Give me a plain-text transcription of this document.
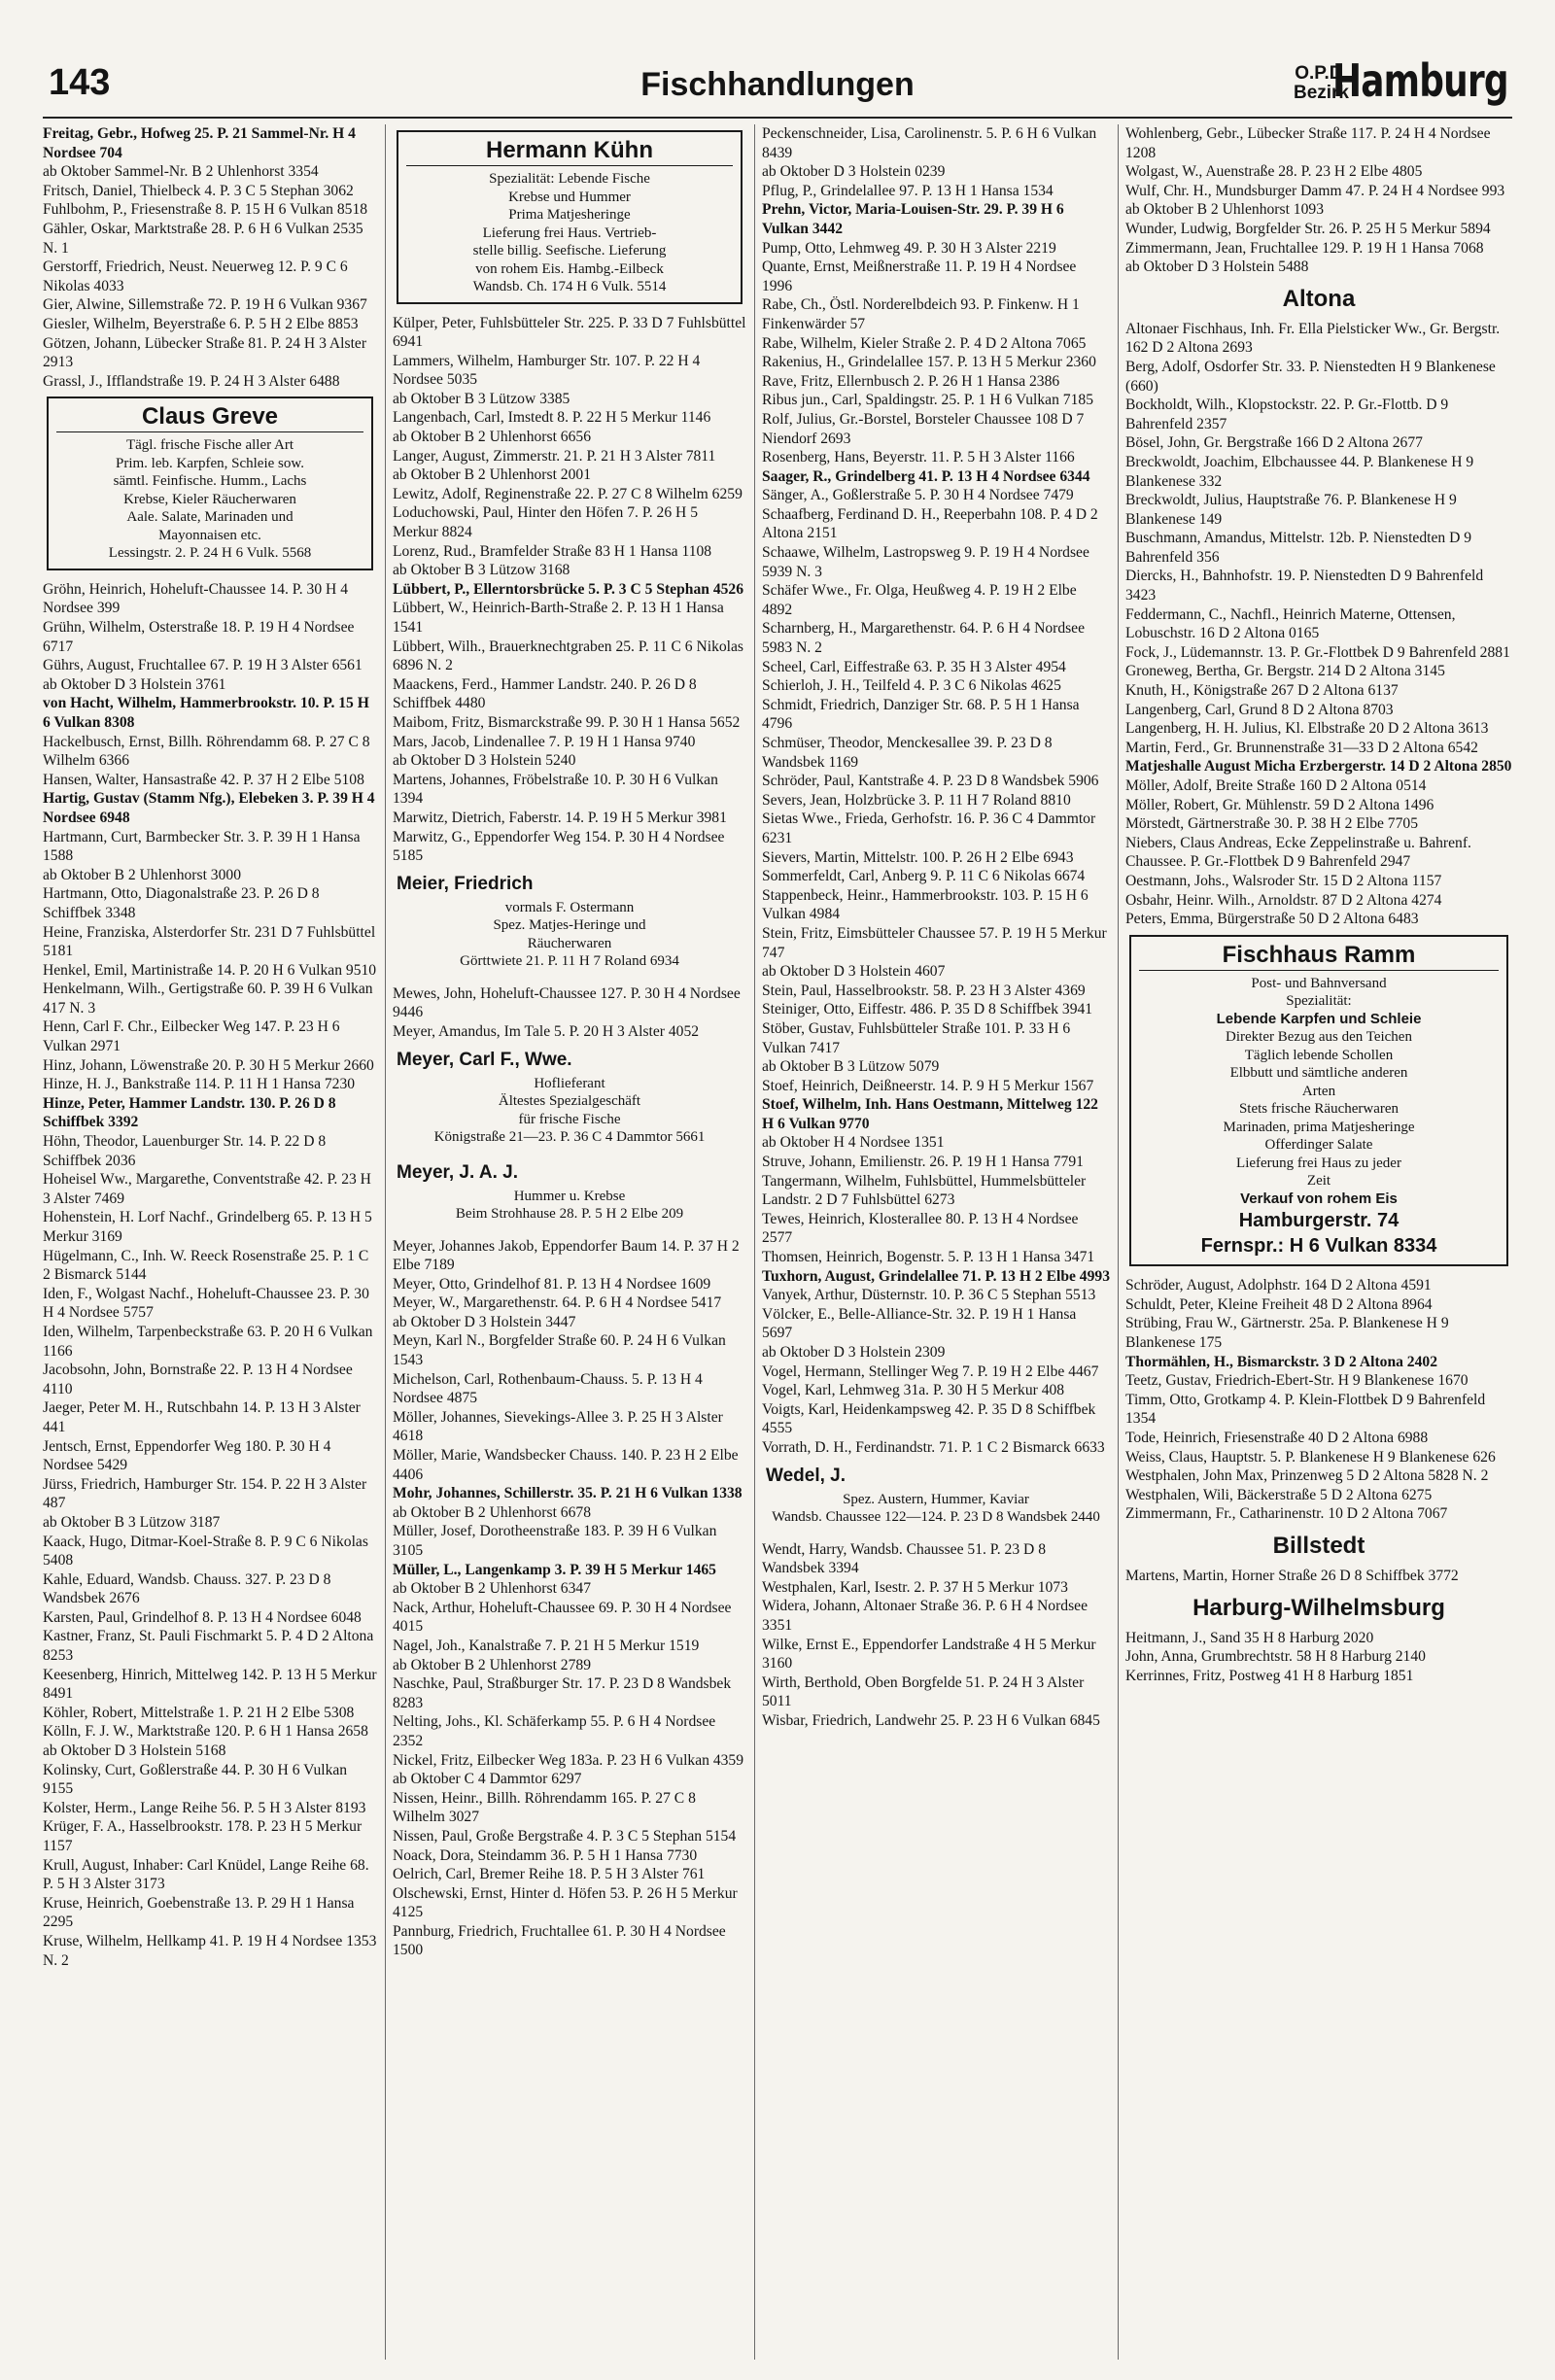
143	Fischhandlungen	O.P.D.
Bezirk
Hamburg

Freitag, Gebr., Hofweg 25. P. 21 Sammel-Nr. H 4 Nordsee 704

ab Oktober Sammel-Nr. B 2 Uhlenhorst 3354

Fritsch, Daniel, Thielbeck 4. P. 3 C 5 Stephan 3062

Fuhlbohm, P., Friesenstraße 8. P. 15 H 6 Vulkan 8518

Gähler, Oskar, Marktstraße 28. P. 6 H 6 Vulkan 2535 N. 1

Gerstorff, Friedrich, Neust. Neuerweg 12. P. 9 C 6 Nikolas 4033

Gier, Alwine, Sillemstraße 72. P. 19 H 6 Vulkan 9367

Giesler, Wilhelm, Beyerstraße 6. P. 5 H 2 Elbe 8853

Götzen, Johann, Lübecker Straße 81. P. 24 H 3 Alster 2913

Grassl, J., Ifflandstraße 19. P. 24 H 3 Alster 6488

Claus Greve

Tägl. frische Fische aller Art

Prim. leb. Karpfen, Schleie sow.

sämtl. Feinfische. Humm., Lachs

Krebse, Kieler Räucherwaren

Aale. Salate, Marinaden und

Mayonnaisen etc.

Lessingstr. 2. P. 24 H 6 Vulk. 5568

Gröhn, Heinrich, Hoheluft-Chaussee 14. P. 30 H 4 Nordsee 399

Grühn, Wilhelm, Osterstraße 18. P. 19 H 4 Nordsee 6717

Gührs, August, Fruchtallee 67. P. 19 H 3 Alster 6561

ab Oktober D 3 Holstein 3761

von Hacht, Wilhelm, Hammerbrookstr. 10. P. 15 H 6 Vulkan 8308

Hackelbusch, Ernst, Billh. Röhrendamm 68. P. 27 C 8 Wilhelm 6366

Hansen, Walter, Hansastraße 42. P. 37 H 2 Elbe 5108

Hartig, Gustav (Stamm Nfg.), Elebeken 3. P. 39 H 4 Nordsee 6948

Hartmann, Curt, Barmbecker Str. 3. P. 39 H 1 Hansa 1588

ab Oktober B 2 Uhlenhorst 3000

Hartmann, Otto, Diagonalstraße 23. P. 26 D 8 Schiffbek 3348

Heine, Franziska, Alsterdorfer Str. 231 D 7 Fuhlsbüttel 5181

Henkel, Emil, Martinistraße 14. P. 20 H 6 Vulkan 9510

Henkelmann, Wilh., Gertigstraße 60. P. 39 H 6 Vulkan 417 N. 3

Henn, Carl F. Chr., Eilbecker Weg 147. P. 23 H 6 Vulkan 2971

Hinz, Johann, Löwenstraße 20. P. 30 H 5 Merkur 2660

Hinze, H. J., Bankstraße 114. P. 11 H 1 Hansa 7230

Hinze, Peter, Hammer Landstr. 130. P. 26 D 8 Schiffbek 3392

Höhn, Theodor, Lauenburger Str. 14. P. 22 D 8 Schiffbek 2036

Hoheisel Ww., Margarethe, Conventstraße 42. P. 23 H 3 Alster 7469

Hohenstein, H. Lorf Nachf., Grindelberg 65. P. 13 H 5 Merkur 3169

Hügelmann, C., Inh. W. Reeck Rosenstraße 25. P. 1 C 2 Bismarck 5144

Iden, F., Wolgast Nachf., Hoheluft-Chaussee 23. P. 30 H 4 Nordsee 5757

Iden, Wilhelm, Tarpenbeckstraße 63. P. 20 H 6 Vulkan 1166

Jacobsohn, John, Bornstraße 22. P. 13 H 4 Nordsee 4110

Jaeger, Peter M. H., Rutschbahn 14. P. 13 H 3 Alster 441

Jentsch, Ernst, Eppendorfer Weg 180. P. 30 H 4 Nordsee 5429

Jürss, Friedrich, Hamburger Str. 154. P. 22 H 3 Alster 487

ab Oktober B 3 Lützow 3187

Kaack, Hugo, Ditmar-Koel-Straße 8. P. 9 C 6 Nikolas 5408

Kahle, Eduard, Wandsb. Chauss. 327. P. 23 D 8 Wandsbek 2676

Karsten, Paul, Grindelhof 8. P. 13 H 4 Nordsee 6048

Kastner, Franz, St. Pauli Fischmarkt 5. P. 4 D 2 Altona 8253

Keesenberg, Hinrich, Mittelweg 142. P. 13 H 5 Merkur 8491

Köhler, Robert, Mittelstraße 1. P. 21 H 2 Elbe 5308

Kölln, F. J. W., Marktstraße 120. P. 6 H 1 Hansa 2658

ab Oktober D 3 Holstein 5168

Kolinsky, Curt, Goßlerstraße 44. P. 30 H 6 Vulkan 9155

Kolster, Herm., Lange Reihe 56. P. 5 H 3 Alster 8193

Krüger, F. A., Hasselbrookstr. 178. P. 23 H 5 Merkur 1157

Krull, August, Inhaber: Carl Knüdel, Lange Reihe 68. P. 5 H 3 Alster 3173

Kruse, Heinrich, Goebenstraße 13. P. 29 H 1 Hansa 2295

Kruse, Wilhelm, Hellkamp 41. P. 19 H 4 Nordsee 1353 N. 2

Hermann Kühn

Spezialität: Lebende Fische

Krebse und Hummer

Prima Matjesheringe

Lieferung frei Haus. Vertrieb-

stelle billig. Seefische. Lieferung

von rohem Eis. Hambg.-Eilbeck

Wandsb. Ch. 174 H 6 Vulk. 5514

Külper, Peter, Fuhlsbütteler Str. 225. P. 33 D 7 Fuhlsbüttel 6941

Lammers, Wilhelm, Hamburger Str. 107. P. 22 H 4 Nordsee 5035

ab Oktober B 3 Lützow 3385

Langenbach, Carl, Imstedt 8. P. 22 H 5 Merkur 1146

ab Oktober B 2 Uhlenhorst 6656

Langer, August, Zimmerstr. 21. P. 21 H 3 Alster 7811

ab Oktober B 2 Uhlenhorst 2001

Lewitz, Adolf, Reginenstraße 22. P. 27 C 8 Wilhelm 6259

Loduchowski, Paul, Hinter den Höfen 7. P. 26 H 5 Merkur 8824

Lorenz, Rud., Bramfelder Straße 83 H 1 Hansa 1108

ab Oktober B 3 Lützow 3168

Lübbert, P., Ellerntorsbrücke 5. P. 3 C 5 Stephan 4526

Lübbert, W., Heinrich-Barth-Straße 2. P. 13 H 1 Hansa 1541

Lübbert, Wilh., Brauerknechtgraben 25. P. 11 C 6 Nikolas 6896 N. 2

Maackens, Ferd., Hammer Landstr. 240. P. 26 D 8 Schiffbek 4480

Maibom, Fritz, Bismarckstraße 99. P. 30 H 1 Hansa 5652

Mars, Jacob, Lindenallee 7. P. 19 H 1 Hansa 9740

ab Oktober D 3 Holstein 5240

Martens, Johannes, Fröbelstraße 10. P. 30 H 6 Vulkan 1394

Marwitz, Dietrich, Faberstr. 14. P. 19 H 5 Merkur 3981

Marwitz, G., Eppendorfer Weg 154. P. 30 H 4 Nordsee 5185

Meier, Friedrich

vormals F. Ostermann

Spez. Matjes-Heringe und

Räucherwaren

Görttwiete 21. P. 11 H 7 Roland 6934

Mewes, John, Hoheluft-Chaussee 127. P. 30 H 4 Nordsee 9446

Meyer, Amandus, Im Tale 5. P. 20 H 3 Alster 4052

Meyer, Carl F., Wwe.

Hoflieferant

Ältestes Spezialgeschäft

für frische Fische

Königstraße 21—23. P. 36 C 4 Dammtor 5661

Meyer, J. A. J.

Hummer u. Krebse

Beim Strohhause 28. P. 5 H 2 Elbe 209

Meyer, Johannes Jakob, Eppendorfer Baum 14. P. 37 H 2 Elbe 7189

Meyer, Otto, Grindelhof 81. P. 13 H 4 Nordsee 1609

Meyer, W., Margarethenstr. 64. P. 6 H 4 Nordsee 5417

ab Oktober D 3 Holstein 3447

Meyn, Karl N., Borgfelder Straße 60. P. 24 H 6 Vulkan 1543

Michelson, Carl, Rothenbaum-Chauss. 5. P. 13 H 4 Nordsee 4875

Möller, Johannes, Sievekings-Allee 3. P. 25 H 3 Alster 4618

Möller, Marie, Wandsbecker Chauss. 140. P. 23 H 2 Elbe 4406

Mohr, Johannes, Schillerstr. 35. P. 21 H 6 Vulkan 1338

ab Oktober B 2 Uhlenhorst 6678

Müller, Josef, Dorotheenstraße 183. P. 39 H 6 Vulkan 3105

Müller, L., Langenkamp 3. P. 39 H 5 Merkur 1465

ab Oktober B 2 Uhlenhorst 6347

Nack, Arthur, Hoheluft-Chaussee 69. P. 30 H 4 Nordsee 4015

Nagel, Joh., Kanalstraße 7. P. 21 H 5 Merkur 1519

ab Oktober B 2 Uhlenhorst 2789

Naschke, Paul, Straßburger Str. 17. P. 23 D 8 Wandsbek 8283

Nelting, Johs., Kl. Schäferkamp 55. P. 6 H 4 Nordsee 2352

Nickel, Fritz, Eilbecker Weg 183a. P. 23 H 6 Vulkan 4359

ab Oktober C 4 Dammtor 6297

Nissen, Heinr., Billh. Röhrendamm 165. P. 27 C 8 Wilhelm 3027

Nissen, Paul, Große Bergstraße 4. P. 3 C 5 Stephan 5154

Noack, Dora, Steindamm 36. P. 5 H 1 Hansa 7730

Oelrich, Carl, Bremer Reihe 18. P. 5 H 3 Alster 761

Olschewski, Ernst, Hinter d. Höfen 53. P. 26 H 5 Merkur 4125

Pannburg, Friedrich, Fruchtallee 61. P. 30 H 4 Nordsee 1500

Peckenschneider, Lisa, Carolinenstr. 5. P. 6 H 6 Vulkan 8439

ab Oktober D 3 Holstein 0239

Pflug, P., Grindelallee 97. P. 13 H 1 Hansa 1534

Prehn, Victor, Maria-Louisen-Str. 29. P. 39 H 6 Vulkan 3442

Pump, Otto, Lehmweg 49. P. 30 H 3 Alster 2219

Quante, Ernst, Meißnerstraße 11. P. 19 H 4 Nordsee 1996

Rabe, Ch., Östl. Norderelbdeich 93. P. Finkenw. H 1 Finkenwärder 57

Rabe, Wilhelm, Kieler Straße 2. P. 4 D 2 Altona 7065

Rakenius, H., Grindelallee 157. P. 13 H 5 Merkur 2360

Rave, Fritz, Ellernbusch 2. P. 26 H 1 Hansa 2386

Ribus jun., Carl, Spaldingstr. 25. P. 1 H 6 Vulkan 7185

Rolf, Julius, Gr.-Borstel, Borsteler Chaussee 108 D 7 Niendorf 2693

Rosenberg, Hans, Beyerstr. 11. P. 5 H 3 Alster 1166

Saager, R., Grindelberg 41. P. 13 H 4 Nordsee 6344

Sänger, A., Goßlerstraße 5. P. 30 H 4 Nordsee 7479

Schaafberg, Ferdinand D. H., Reeperbahn 108. P. 4 D 2 Altona 2151

Schaawe, Wilhelm, Lastropsweg 9. P. 19 H 4 Nordsee 5939 N. 3

Schäfer Wwe., Fr. Olga, Heußweg 4. P. 19 H 2 Elbe 4892

Scharnberg, H., Margarethenstr. 64. P. 6 H 4 Nordsee 5983 N. 2

Scheel, Carl, Eiffestraße 63. P. 35 H 3 Alster 4954

Schierloh, J. H., Teilfeld 4. P. 3 C 6 Nikolas 4625

Schmidt, Friedrich, Danziger Str. 68. P. 5 H 1 Hansa 4796

Schmüser, Theodor, Menckesallee 39. P. 23 D 8 Wandsbek 1169

Schröder, Paul, Kantstraße 4. P. 23 D 8 Wandsbek 5906

Severs, Jean, Holzbrücke 3. P. 11 H 7 Roland 8810

Sietas Wwe., Frieda, Gerhofstr. 16. P. 36 C 4 Dammtor 6231

Sievers, Martin, Mittelstr. 100. P. 26 H 2 Elbe 6943

Sommerfeldt, Carl, Anberg 9. P. 11 C 6 Nikolas 6674

Stappenbeck, Heinr., Hammerbrookstr. 103. P. 15 H 6 Vulkan 4984

Stein, Fritz, Eimsbütteler Chaussee 57. P. 19 H 5 Merkur 747

ab Oktober D 3 Holstein 4607

Stein, Paul, Hasselbrookstr. 58. P. 23 H 3 Alster 4369

Steiniger, Otto, Eiffestr. 486. P. 35 D 8 Schiffbek 3941

Stöber, Gustav, Fuhlsbütteler Straße 101. P. 33 H 6 Vulkan 7417

ab Oktober B 3 Lützow 5079

Stoef, Heinrich, Deißneerstr. 14. P. 9 H 5 Merkur 1567

Stoef, Wilhelm, Inh. Hans Oestmann, Mittelweg 122 H 6 Vulkan 9770

ab Oktober H 4 Nordsee 1351

Struve, Johann, Emilienstr. 26. P. 19 H 1 Hansa 7791

Tangermann, Wilhelm, Fuhlsbüttel, Hummelsbütteler Landstr. 2 D 7 Fuhlsbüttel 6273

Tewes, Heinrich, Klosterallee 80. P. 13 H 4 Nordsee 2577

Thomsen, Heinrich, Bogenstr. 5. P. 13 H 1 Hansa 3471

Tuxhorn, August, Grindelallee 71. P. 13 H 2 Elbe 4993

Vanyek, Arthur, Düsternstr. 10. P. 36 C 5 Stephan 5513

Völcker, E., Belle-Alliance-Str. 32. P. 19 H 1 Hansa 5697

ab Oktober D 3 Holstein 2309

Vogel, Hermann, Stellinger Weg 7. P. 19 H 2 Elbe 4467

Vogel, Karl, Lehmweg 31a. P. 30 H 5 Merkur 408

Voigts, Karl, Heidenkampsweg 42. P. 35 D 8 Schiffbek 4555

Vorrath, D. H., Ferdinandstr. 71. P. 1 C 2 Bismarck 6633

Wedel, J.

Spez. Austern, Hummer, Kaviar

Wandsb. Chaussee 122—124. P. 23 D 8 Wandsbek 2440

Wendt, Harry, Wandsb. Chaussee 51. P. 23 D 8 Wandsbek 3394

Westphalen, Karl, Isestr. 2. P. 37 H 5 Merkur 1073

Widera, Johann, Altonaer Straße 36. P. 6 H 4 Nordsee 3351

Wilke, Ernst E., Eppendorfer Landstraße 4 H 5 Merkur 3160

Wirth, Berthold, Oben Borgfelde 51. P. 24 H 3 Alster 5011

Wisbar, Friedrich, Landwehr 25. P. 23 H 6 Vulkan 6845

Wohlenberg, Gebr., Lübecker Straße 117. P. 24 H 4 Nordsee 1208

Wolgast, W., Auenstraße 28. P. 23 H 2 Elbe 4805

Wulf, Chr. H., Mundsburger Damm 47. P. 24 H 4 Nordsee 993

ab Oktober B 2 Uhlenhorst 1093

Wunder, Ludwig, Borgfelder Str. 26. P. 25 H 5 Merkur 5894

Zimmermann, Jean, Fruchtallee 129. P. 19 H 1 Hansa 7068

ab Oktober D 3 Holstein 5488

Altona

Altonaer Fischhaus, Inh. Fr. Ella Pielsticker Ww., Gr. Bergstr. 162 D 2 Altona 2693

Berg, Adolf, Osdorfer Str. 33. P. Nienstedten H 9 Blankenese (660)

Bockholdt, Wilh., Klopstockstr. 22. P. Gr.-Flottb. D 9 Bahrenfeld 2357

Bösel, John, Gr. Bergstraße 166 D 2 Altona 2677

Breckwoldt, Joachim, Elbchaussee 44. P. Blankenese H 9 Blankenese 332

Breckwoldt, Julius, Hauptstraße 76. P. Blankenese H 9 Blankenese 149

Buschmann, Amandus, Mittelstr. 12b. P. Nienstedten D 9 Bahrenfeld 356

Diercks, H., Bahnhofstr. 19. P. Nienstedten D 9 Bahrenfeld 3423

Feddermann, C., Nachfl., Heinrich Materne, Ottensen, Lobuschstr. 16 D 2 Altona 0165

Fock, J., Lüdemannstr. 13. P. Gr.-Flottbek D 9 Bahrenfeld 2881

Groneweg, Bertha, Gr. Bergstr. 214 D 2 Altona 3145

Knuth, H., Königstraße 267 D 2 Altona 6137

Langenberg, Carl, Grund 8 D 2 Altona 8703

Langenberg, H. H. Julius, Kl. Elbstraße 20 D 2 Altona 3613

Martin, Ferd., Gr. Brunnenstraße 31—33 D 2 Altona 6542

Matjeshalle August Micha Erzbergerstr. 14 D 2 Altona 2850

Möller, Adolf, Breite Straße 160 D 2 Altona 0514

Möller, Robert, Gr. Mühlenstr. 59 D 2 Altona 1496

Mörstedt, Gärtnerstraße 30. P. 38 H 2 Elbe 7705

Niebers, Claus Andreas, Ecke Zeppelinstraße u. Bahrenf. Chaussee. P. Gr.-Flottbek D 9 Bahrenfeld 2947

Oestmann, Johs., Walsroder Str. 15 D 2 Altona 1157

Osbahr, Heinr. Wilh., Arnoldstr. 87 D 2 Altona 4274

Peters, Emma, Bürgerstraße 50 D 2 Altona 6483

Fischhaus Ramm

Post- und Bahnversand

Spezialität:

Lebende Karpfen und Schleie

Direkter Bezug aus den Teichen

Täglich lebende Schollen

Elbbutt und sämtliche anderen

Arten

Stets frische Räucherwaren

Marinaden, prima Matjesheringe

Offerdinger Salate

Lieferung frei Haus zu jeder

Zeit

Verkauf von rohem Eis

Hamburgerstr. 74

Fernspr.: H 6 Vulkan 8334

Schröder, August, Adolphstr. 164 D 2 Altona 4591

Schuldt, Peter, Kleine Freiheit 48 D 2 Altona 8964

Strübing, Frau W., Gärtnerstr. 25a. P. Blankenese H 9 Blankenese 175

Thormählen, H., Bismarckstr. 3 D 2 Altona 2402

Teetz, Gustav, Friedrich-Ebert-Str. H 9 Blankenese 1670

Timm, Otto, Grotkamp 4. P. Klein-Flottbek D 9 Bahrenfeld 1354

Tode, Heinrich, Friesenstraße 40 D 2 Altona 6988

Weiss, Claus, Hauptstr. 5. P. Blankenese H 9 Blankenese 626

Westphalen, John Max, Prinzenweg 5 D 2 Altona 5828 N. 2

Westphalen, Wili, Bäckerstraße 5 D 2 Altona 6275

Zimmermann, Fr., Catharinenstr. 10 D 2 Altona 7067

Billstedt

Martens, Martin, Horner Straße 26 D 8 Schiffbek 3772

Harburg-Wilhelmsburg

Heitmann, J., Sand 35 H 8 Harburg 2020

John, Anna, Grumbrechtstr. 58 H 8 Harburg 2140

Kerrinnes, Fritz, Postweg 41 H 8 Harburg 1851
